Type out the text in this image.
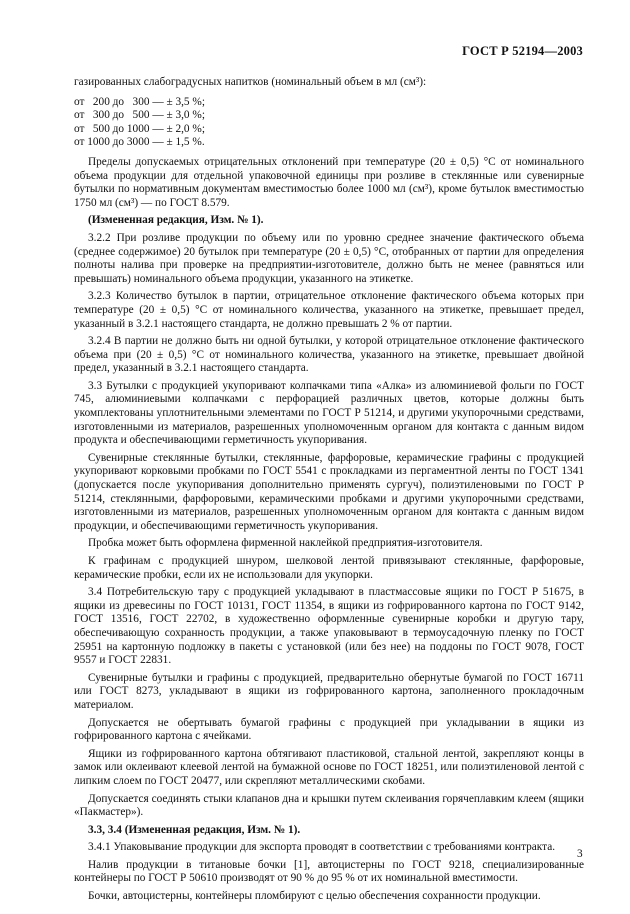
ГОСТ Р 52194—2003

газированных слабоградусных напитков (номинальный объем в мл (см³):

от   200 до   300 — ± 3,5 %;
от   300 до   500 — ± 3,0 %;
от   500 до 1000 — ± 2,0 %;
от 1000 до 3000 — ± 1,5 %.

Пределы допускаемых отрицательных отклонений при температуре (20 ± 0,5) °С от номинального объема продукции для отдельной упаковочной единицы при розливе в стеклянные или сувенирные бутылки по нормативным документам вместимостью более 1000 мл (см³), кроме бутылок вместимостью 1750 мл (см³) — по ГОСТ 8.579.

(Измененная редакция, Изм. № 1).

3.2.2 При розливе продукции по объему или по уровню среднее значение фактического объема (среднее содержимое) 20 бутылок при температуре (20 ± 0,5) °С, отобранных от партии для определения полноты налива при проверке на предприятии-изготовителе, должно быть не менее (равняться или превышать) номинального объема продукции, указанного на этикетке.

3.2.3 Количество бутылок в партии, отрицательное отклонение фактического объема которых при температуре (20 ± 0,5) °С от номинального количества, указанного на этикетке, превышает предел, указанный в 3.2.1 настоящего стандарта, не должно превышать 2 % от партии.

3.2.4 В партии не должно быть ни одной бутылки, у которой отрицательное отклонение фактического объема при (20 ± 0,5) °С от номинального количества, указанного на этикетке, превышает двойной предел, указанный в 3.2.1 настоящего стандарта.

3.3 Бутылки с продукцией укупоривают колпачками типа «Алка» из алюминиевой фольги по ГОСТ 745, алюминиевыми колпачками с перфорацией различных цветов, которые должны быть укомплектованы уплотнительными элементами по ГОСТ Р 51214, и другими укупорочными средствами, изготовленными из материалов, разрешенных уполномоченным органом для контакта с данным видом продукта и обеспечивающими герметичность укупоривания.

Сувенирные стеклянные бутылки, стеклянные, фарфоровые, керамические графины с продукцией укупоривают корковыми пробками по ГОСТ 5541 с прокладками из пергаментной ленты по ГОСТ 1341 (допускается после укупоривания дополнительно применять сургуч), полиэтиленовыми по ГОСТ Р 51214, стеклянными, фарфоровыми, керамическими пробками и другими укупорочными средствами, изготовленными из материалов, разрешенных уполномоченным органом для контакта с данным видом продукции, и обеспечивающими герметичность укупоривания.

Пробка может быть оформлена фирменной наклейкой предприятия-изготовителя.

К графинам с продукцией шнуром, шелковой лентой привязывают стеклянные, фарфоровые, керамические пробки, если их не использовали для укупорки.

3.4 Потребительскую тару с продукцией укладывают в пластмассовые ящики по ГОСТ Р 51675, в ящики из древесины по ГОСТ 10131, ГОСТ 11354, в ящики из гофрированного картона по ГОСТ 9142, ГОСТ 13516, ГОСТ 22702, в художественно оформленные сувенирные коробки и другую тару, обеспечивающую сохранность продукции, а также упаковывают в термоусадочную пленку по ГОСТ 25951 на картонную подложку в пакеты с установкой (или без нее) на поддоны по ГОСТ 9078, ГОСТ 9557 и ГОСТ 22831.

Сувенирные бутылки и графины с продукцией, предварительно обернутые бумагой по ГОСТ 16711 или ГОСТ 8273, укладывают в ящики из гофрированного картона, заполненного прокладочным материалом.

Допускается не обертывать бумагой графины с продукцией при укладывании в ящики из гофрированного картона с ячейками.

Ящики из гофрированного картона обтягивают пластиковой, стальной лентой, закрепляют концы в замок или оклеивают клеевой лентой на бумажной основе по ГОСТ 18251, или полиэтиленовой лентой с липким слоем по ГОСТ 20477, или скрепляют металлическими скобами.

Допускается соединять стыки клапанов дна и крышки путем склеивания горячеплавким клеем (ящики «Пакмастер»).

3.3, 3.4 (Измененная редакция, Изм. № 1).

3.4.1 Упаковывание продукции для экспорта проводят в соответствии с требованиями контракта.

Налив продукции в титановые бочки [1], автоцистерны по ГОСТ 9218, специализированные контейнеры по ГОСТ Р 50610 производят от 90 % до 95 % от их номинальной вместимости.

Бочки, автоцистерны, контейнеры пломбируют с целью обеспечения сохранности продукции.

3
